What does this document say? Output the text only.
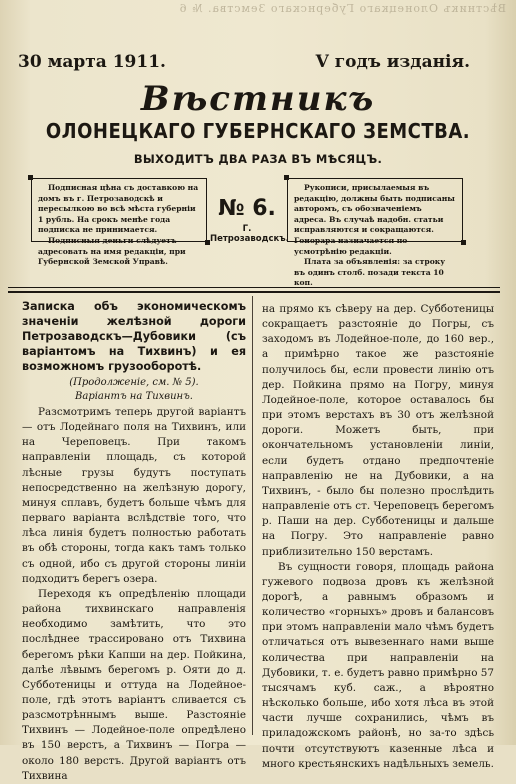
Вѣстникъ Олонецкаго Губернскаго Земства. № 6
30 марта 1911.	V годъ изданія.
Вѣстникъ
ОЛОНЕЦКАГО ГУБЕРНСКАГО ЗЕМСТВА.
ВЫХОДИТЪ ДВА РАЗА ВЪ МѢСЯЦЪ.

Подписная цѣна съ доставкою на домъ въ г. Петрозаводскѣ и пересылкою во всѣ мѣста губерніи 1 рубль. На срокъ менѣе года подписка не принимается.

Подписныя деньги слѣдуетъ адресовать на имя редакціи, при Губернской Земской Управѣ.

№ 6.
Г. Петрозаводскъ.

Рукописи, присылаемыя въ редакцію, должны быть подписаны авторомъ, съ обозначеніемъ адреса. Въ случаѣ надобн. статьи исправляются и сокращаются. Гонорара назначается по усмотрѣнію редакціи.

Плата за объявленія: за строку въ одинъ столб. позади текста 10 коп.

Записка объ экономическомъ значеніи желѣзной дороги Петрозаводскъ—Дубовики (съ варіантомъ на Тихвинъ) и ея возможномъ грузооборотѣ.
(Продолженіе, см. № 5).
Варіантъ на Тихвинъ.

Разсмотримъ теперь другой варіантъ — отъ Лодейнаго поля на Тихвинъ, или на Череповецъ. При такомъ направленіи площадь, съ которой лѣсные грузы будутъ поступать непосредственно на желѣзную дорогу, минуя сплавъ, будетъ больше чѣмъ для перваго варіанта вслѣдствіе того, что лѣса линія будетъ полностью работать въ обѣ стороны, тогда какъ тамъ только съ одной, ибо съ другой стороны линіи подходитъ берегъ озера.

Переходя къ опредѣленію площади района тихвинскаго направленія необходимо замѣтить, что это послѣднее трассировано отъ Тихвина берегомъ рѣки Капши на дер. Пойкина, далѣе лѣвымъ берегомъ р. Ояти до д. Субботеницы и оттуда на Лодейное-поле, гдѣ этотъ варіантъ сливается съ разсмотрѣннымъ выше. Разстояніе Тихвинъ — Лодейное-поле опредѣлено въ 150 верстъ, а Тихвинъ — Погра — около 180 верстъ. Другой варіантъ отъ Тихвина

на прямо къ сѣверу на дер. Субботеницы сокращаетъ разстояніе до Погры, съ заходомъ въ Лодейное-поле, до 160 вер., а примѣрно такое же разстояніе получилось бы, если провести линію отъ дер. Пойкина прямо на Погру, минуя Лодейное-поле, которое оставалось бы при этомъ верстахъ въ 30 отъ желѣзной дороги. Можетъ быть, при окончательномъ установленіи линіи, если будетъ отдано предпочтеніе направленію не на Дубовики, а на Тихвинъ, - было бы полезно прослѣдить направленіе отъ ст. Череповецъ берегомъ р. Паши на дер. Субботеницы и дальше на Погру. Это направленіе равно приблизительно 150 верстамъ.

Въ сущности говоря, площадь района гужевого подвоза дровъ къ желѣзной дорогѣ, а равнымъ образомъ и количество «горныхъ» дровъ и балансовъ при этомъ направленіи мало чѣмъ будетъ отличаться отъ вывезеннаго нами выше количества при направленіи на Дубовики, т. е. будетъ равно примѣрно 57 тысячамъ куб. саж., а вѣроятно нѣсколько больше, ибо хотя лѣса въ этой части лучше сохранились, чѣмъ въ приладожскомъ районѣ, но за-то здѣсь почти отсутствуютъ казенные лѣса и много крестьянскихъ надѣльныхъ земель.
